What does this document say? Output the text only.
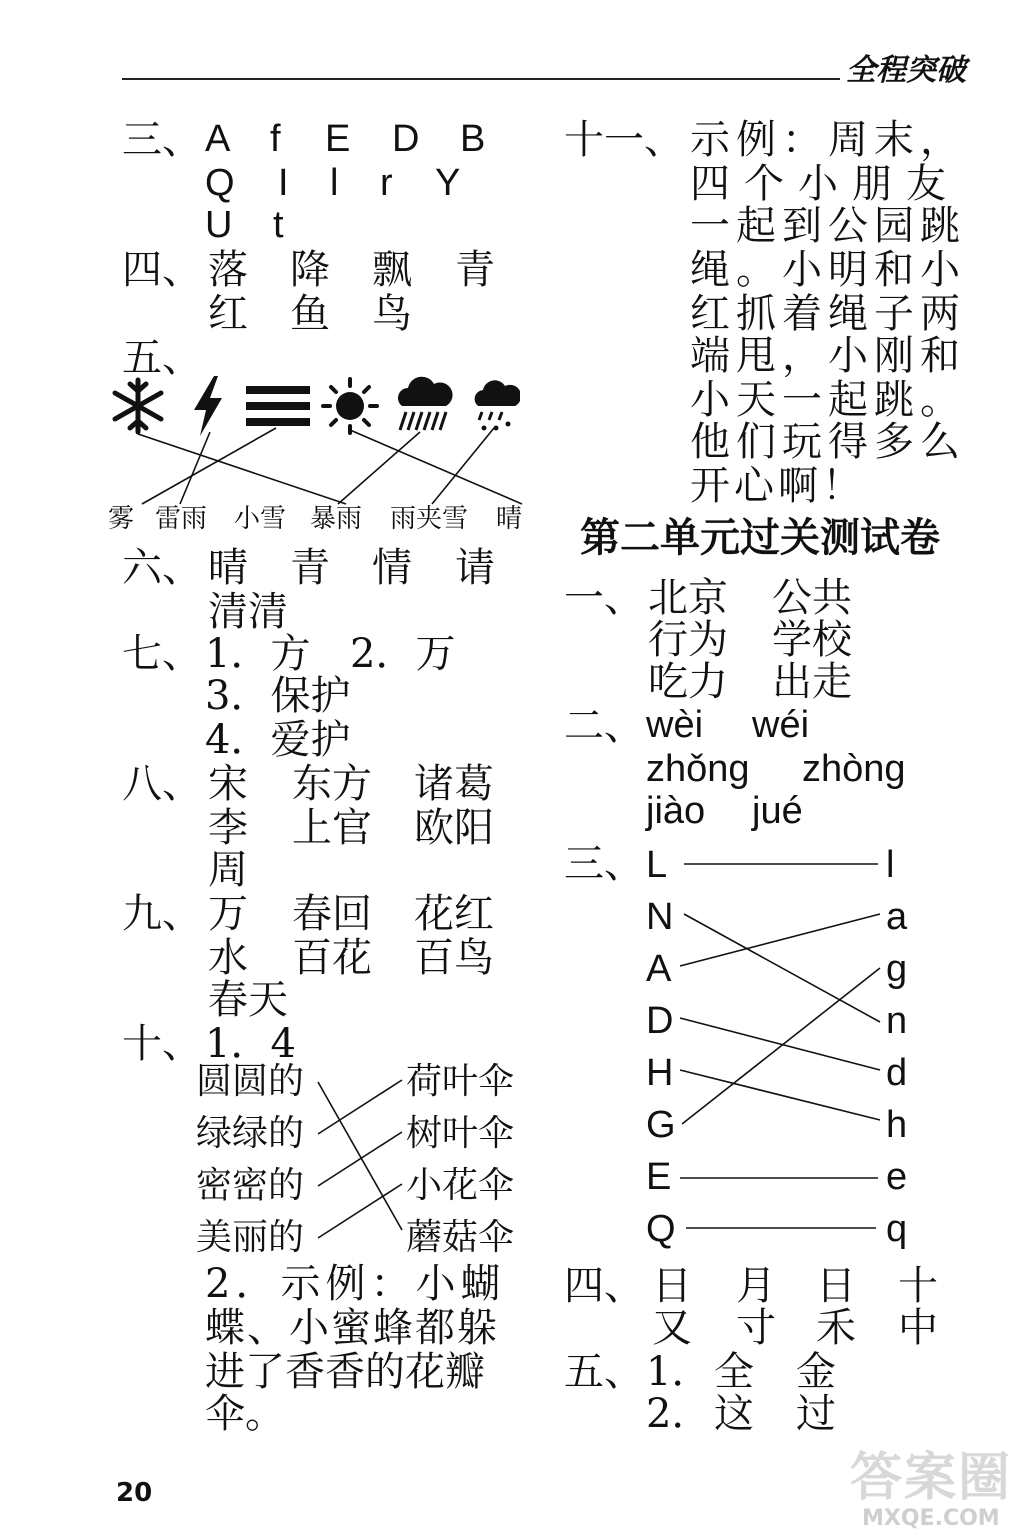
全程突破
三、 A f E D B
Q I l r Y
U t
四、 落 降 飘 青
红 鱼 鸟
五、
雾 雷雨 小雪 暴雨 雨夹雪 晴
六、 晴 青 情 请
清清
七、 1．方 2．万
3．保护
4．爱护
八、 宋 东方 诸葛
李 上官 欧阳
周
九、 万 春回 花红
水 百花 百鸟
春天
十、 1．4
圆圆的
绿绿的
密密的
美丽的
荷叶伞
树叶伞
小花伞
蘑菇伞
2．示例：小蝴
蝶、小蜜蜂都躲
进了香香的花瓣
伞。
十一、 示例：周末，
四个小朋友
一起到公园跳
绳。小明和小
红抓着绳子两
端甩，小刚和
小天一起跳。
他们玩得多么
开心啊！
第二单元过关测试卷
一、 北京 公共
行为 学校
吃力 出走
二、 wèi wéi
zhǒng zhòng
jiào jué
三、 L
N
A
D
H
G
E
Q
l
a
g
n
d
h
e
q
四、 日 月 日 十
又 寸 禾 中
五、 1． 全 金
2． 这 过
20	答案圈
MXQE.COM
